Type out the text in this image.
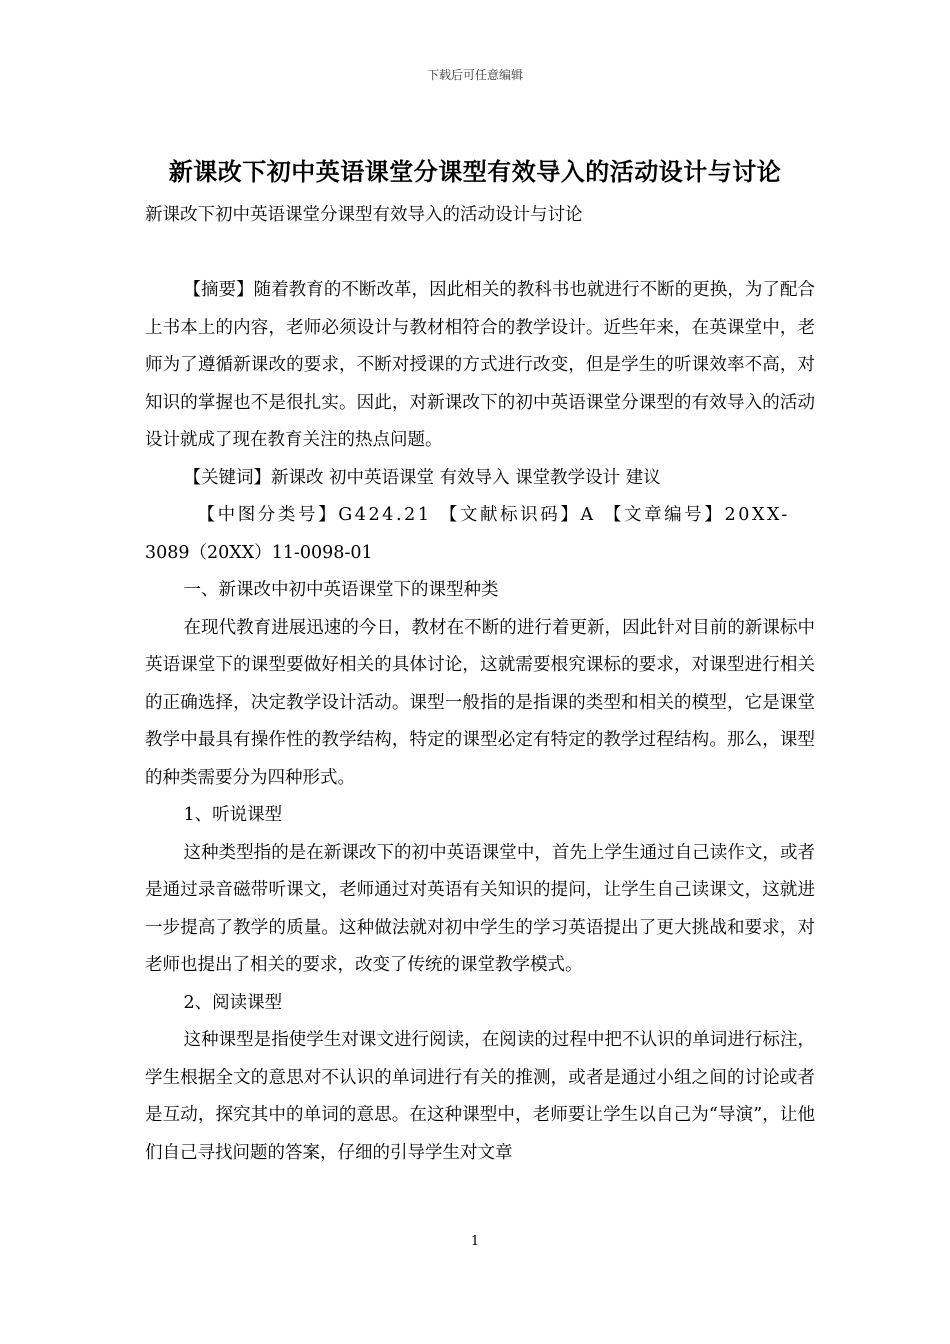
下载后可任意编辑
新课改下初中英语课堂分课型有效导入的活动设计与讨论
新课改下初中英语课堂分课型有效导入的活动设计与讨论

【摘要】随着教育的不断改革，因此相关的教科书也就进行不断的更换，为了配合上书本上的内容，老师必须设计与教材相符合的教学设计。近些年来，在英课堂中，老师为了遵循新课改的要求，不断对授课的方式进行改变，但是学生的听课效率不高，对知识的掌握也不是很扎实。因此，对新课改下的初中英语课堂分课型的有效导入的活动设计就成了现在教育关注的热点问题。

【关键词】新课改 初中英语课堂 有效导入 课堂教学设计 建议

【中图分类号】G424.21 【文献标识码】A 【文章编号】20XX-

3089（20XX）11-0098-01

一、新课改中初中英语课堂下的课型种类

在现代教育进展迅速的今日，教材在不断的进行着更新，因此针对目前的新课标中英语课堂下的课型要做好相关的具体讨论，这就需要根究课标的要求，对课型进行相关的正确选择，决定教学设计活动。课型一般指的是指课的类型和相关的模型，它是课堂教学中最具有操作性的教学结构，特定的课型必定有特定的教学过程结构。那么，课型的种类需要分为四种形式。

1、听说课型

这种类型指的是在新课改下的初中英语课堂中，首先上学生通过自己读作文，或者是通过录音磁带听课文，老师通过对英语有关知识的提问，让学生自己读课文，这就进一步提高了教学的质量。这种做法就对初中学生的学习英语提出了更大挑战和要求，对老师也提出了相关的要求，改变了传统的课堂教学模式。

2、阅读课型

这种课型是指使学生对课文进行阅读，在阅读的过程中把不认识的单词进行标注，学生根据全文的意思对不认识的单词进行有关的推测，或者是通过小组之间的讨论或者是互动，探究其中的单词的意思。在这种课型中，老师要让学生以自己为“导演”，让他们自己寻找问题的答案，仔细的引导学生对文章

1
